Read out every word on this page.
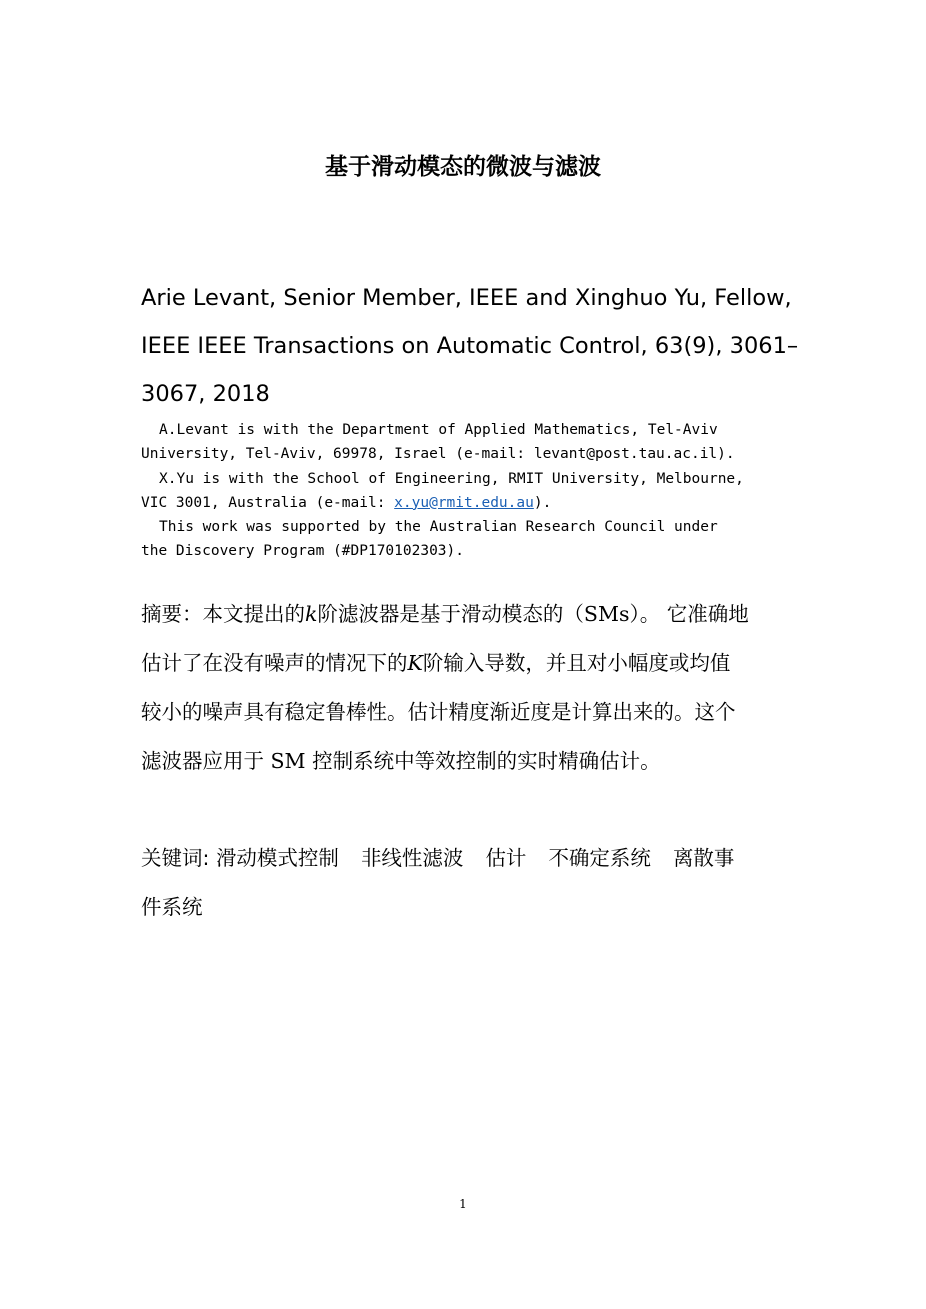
基于滑动模态的微波与滤波
Arie Levant, Senior Member, IEEE and Xinghuo Yu, Fellow,
IEEE IEEE Transactions on Automatic Control, 63(9), 3061–
3067, 2018
A.Levant is with the Department of Applied Mathematics, Tel-Aviv
University, Tel-Aviv, 69978, Israel (e-mail: levant@post.tau.ac.il).
X.Yu is with the School of Engineering, RMIT University, Melbourne,
VIC 3001, Australia (e-mail: x.yu@rmit.edu.au).
This work was supported by the Australian Research Council under
the Discovery Program (#DP170102303).
摘要：本文提出的𝑘阶滤波器是基于滑动模态的（SMs）。 它准确地
估计了在没有噪声的情况下的𝐾阶输入导数，并且对小幅度或均值
较小的噪声具有稳定鲁棒性。估计精度渐近度是计算出来的。这个
滤波器应用于 SM 控制系统中等效控制的实时精确估计。
关键词: 滑动模式控制 非线性滤波 估计 不确定系统 离散事
件系统
1
